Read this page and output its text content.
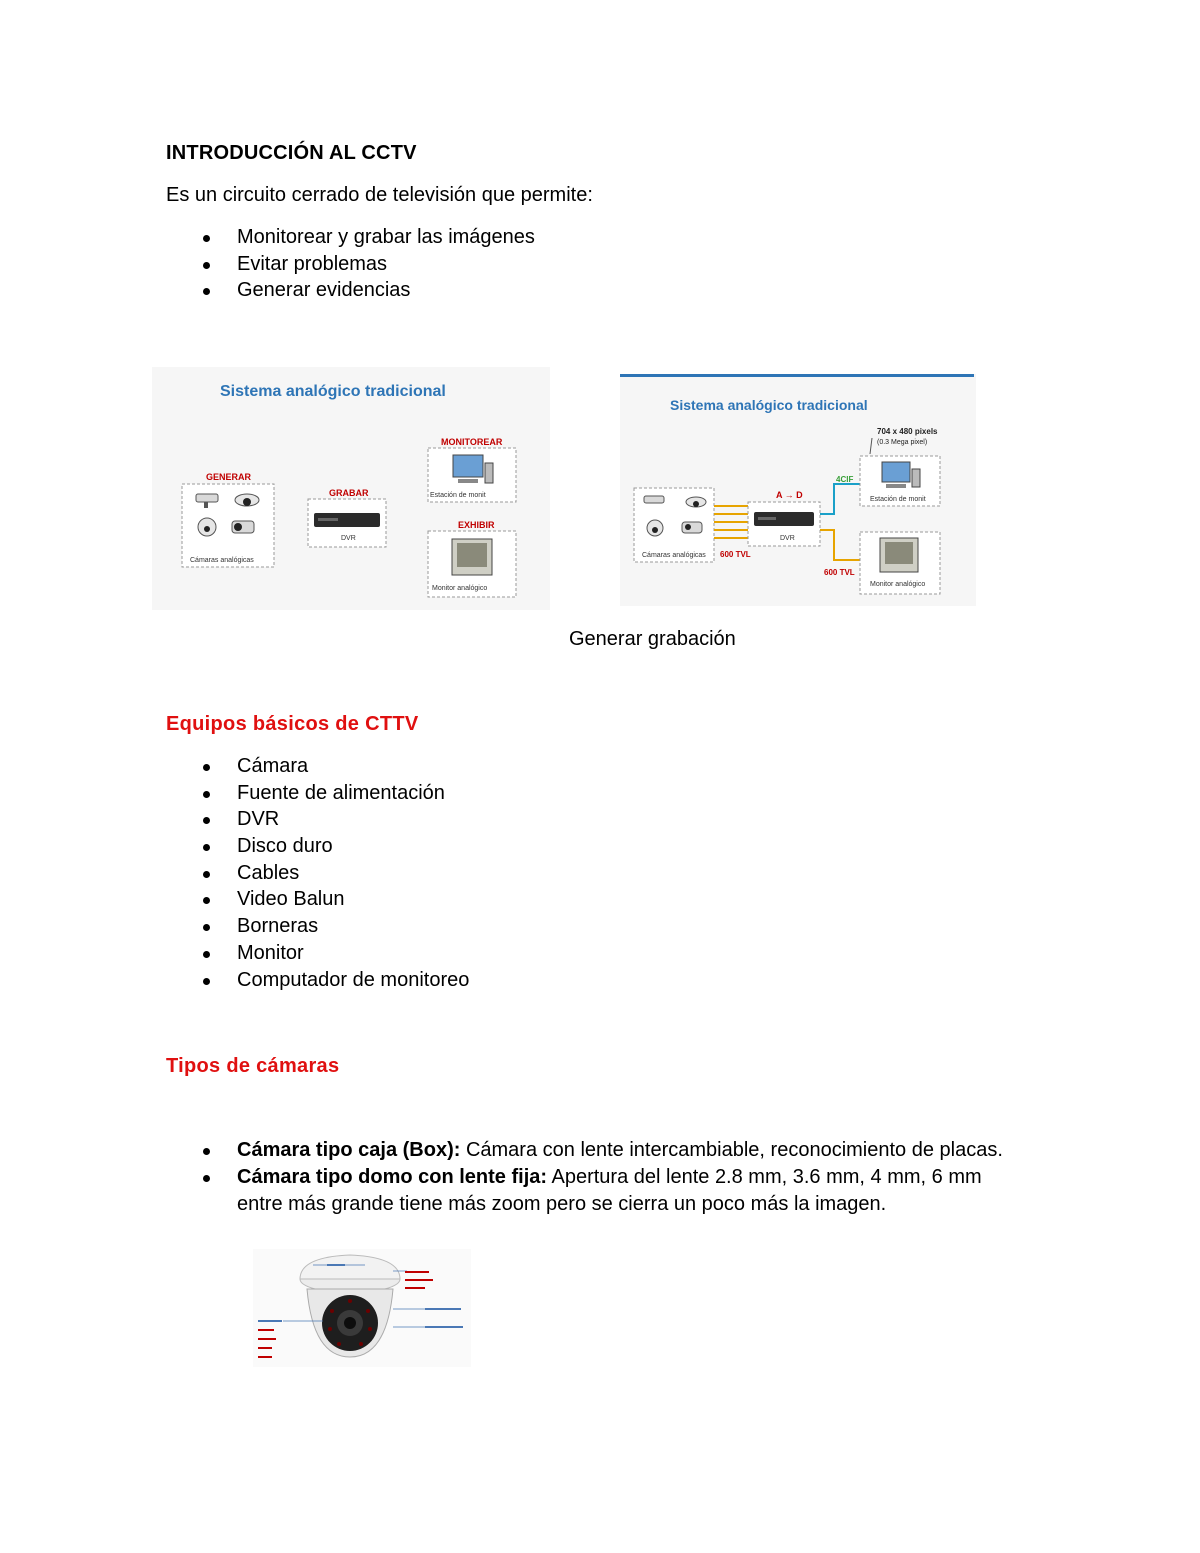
INTRODUCCIÓN AL CCTV
Es un circuito cerrado de televisión que permite:
Monitorear y grabar las imágenes
Evitar problemas
Generar evidencias
Sistema analógico tradicional
GENERAR
Cámaras analógicas
GRABAR
DVR
MONITOREAR
Estación de monit
EXHIBIR
Monitor analógico
Sistema analógico tradicional
704 x 480 pixels
(0.3 Mega pixel)
4CIF
A → D
Cámaras analógicas 600 TVL
DVR
600 TVL
Estación de monit
Monitor analógico
Generar grabación
Equipos básicos de CTTV
Cámara
Fuente de alimentación
DVR
Disco duro
Cables
Video Balun
Borneras
Monitor
Computador de monitoreo
Tipos de cámaras
Cámara tipo caja (Box): Cámara con lente intercambiable, reconocimiento de placas.
Cámara tipo domo con lente fija: Apertura del lente 2.8 mm, 3.6 mm, 4 mm, 6 mm entre más grande tiene más zoom pero se cierra un poco más la imagen.
